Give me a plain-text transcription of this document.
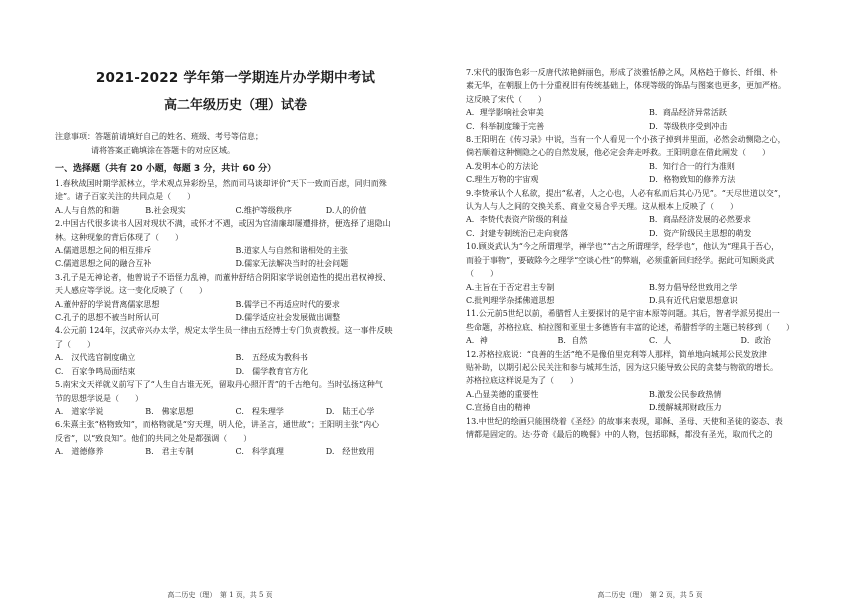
2021-2022 学年第一学期连片办学期中考试
高二年级历史（理）试卷
注意事项：答题前请填好自己的姓名、班级、考号等信息；
请将答案正确填涂在答题卡的对应区域。
一、选择题（共有 20 小题，每题 3 分，共计 60 分）
1.春秋战国时期学派林立，学术观点异彩纷呈，然而司马谈却评价“天下一致而百虑，同归而殊
途”。诸子百家关注的共同点是（　　）
A.人与自然的和谐	B.社会现实	C.维护等级秩序	D.人的价值
2.中国古代很多读书人因对现状不满，或怀才不遇，或因为官清廉却屡遭排挤，便选择了退隐山
林。这种现象的背后体现了（　　）
A.儒道思想之间的相互排斥	B.道家人与自然和谐相处的主张
C.儒道思想之间的融合互补	D.儒家无法解决当时的社会问题
3.孔子是无神论者，他曾说子不语怪力乱神，而董仲舒结合阴阳家学说创造性的提出君权神授、
天人感应等学说。这一变化反映了（　　）
A.董仲舒的学说背离儒家思想	B.儒学已不再适应时代的要求
C.孔子的思想不被当时所认可	D.儒学适应社会发展做出调整
4.公元前 124年，汉武帝兴办太学，规定太学生员一律由五经博士专门负责教授。这一事件反映
了（　　）
A.　汉代选官制度确立	B.　五经成为教科书
C.　百家争鸣局面结束	D.　儒学教育官方化
5.南宋文天祥就义前写下了“人生自古谁无死，留取丹心照汗青”的千古绝句。当时弘扬这种气
节的思想学说是（　　）
A.　道家学说	B.　佛家思想	C.　程朱理学	D.　陆王心学
6.朱熹主张“格物致知”，而格物就是“穷天理，明人伦，讲圣言，通世故”；王阳明主张“内心
反省”，以“致良知”。他们的共同之处是都强调（　　）
A.　道德修养	B.　君主专制	C.　科学真理	D.　经世致用
高二历史（理）　第 1 页，共 5 页
7.宋代的服饰色彩一反唐代浓艳鲜丽色，形成了淡雅恬静之风，风格趋于修长、纤细、朴
素无华，在朝服上仍十分重视旧有传统基础上，体现等级的饰品与图案也更多，更加严格。
这反映了宋代（　　）
A．理学影响社会审美	B．商品经济异常活跃
C．科举制度臻于完善	D．等级秩序受到冲击
8.王阳明在《传习录》中说，当有一个人看见一个小孩子掉到井里面，必然会动恻隐之心，
倘若顺着这种恻隐之心的自然发展，他必定会奔走呼救。王阳明意在借此阐发（　　）
A.发明本心的方法论	B．知行合一的行为准则
C.理生万物的宇宙观	D．格物致知的修养方法
9.李贽承认个人私欲，提出“私者，人之心也，人必有私而后其心乃见”。“天尽世道以交”，
认为人与人之间的交换关系、商业交易合乎天理。这从根本上反映了（　　）
A．李贽代表资产阶级的利益	B．商品经济发展的必然要求
C．封建专制统治已走向衰落	D．资产阶级民主思想的萌发
10.顾炎武认为“今之所谓理学，禅学也”“古之所谓理学，经学也”，他认为“理具于吾心，
而验于事物”，要破除今之理学“空谈心性”的弊端，必须重新回归经学。据此可知顾炎武
（　　）
A.主旨在于否定君主专制	B.努力倡导经世致用之学
C.批判理学杂揉佛道思想	D.具有近代启蒙思想意识
11.公元前5世纪以前，希腊哲人主要探讨的是宇宙本原等问题。其后，智者学派另提出一
些命题，苏格拉底、柏拉图和亚里士多德皆有丰富的论述，希腊哲学的主题已转移到（　　）
A．神	B．自然	C．人	D．政治
12.苏格拉底说：“良善的生活”绝不是像伯里克利等人那样，简单地向城邦公民发放津
贴补助，以期引起公民关注和参与城邦生活，因为这只能导致公民的贪婪与物欲的增长。
苏格拉底这样说是为了（　　）
A.凸显美德的重要性	B.激发公民参政热情
C.宣扬自由的精神	D.缓解城邦财政压力
13.中世纪的绘画只能围绕着《圣经》的故事来表现，耶稣、圣母、天使和圣徒的姿态、表
情都是固定的。达·芬奇《最后的晚餐》中的人物，包括耶稣，都没有圣光，取而代之的
高二历史（理）　第 2 页，共 5 页
